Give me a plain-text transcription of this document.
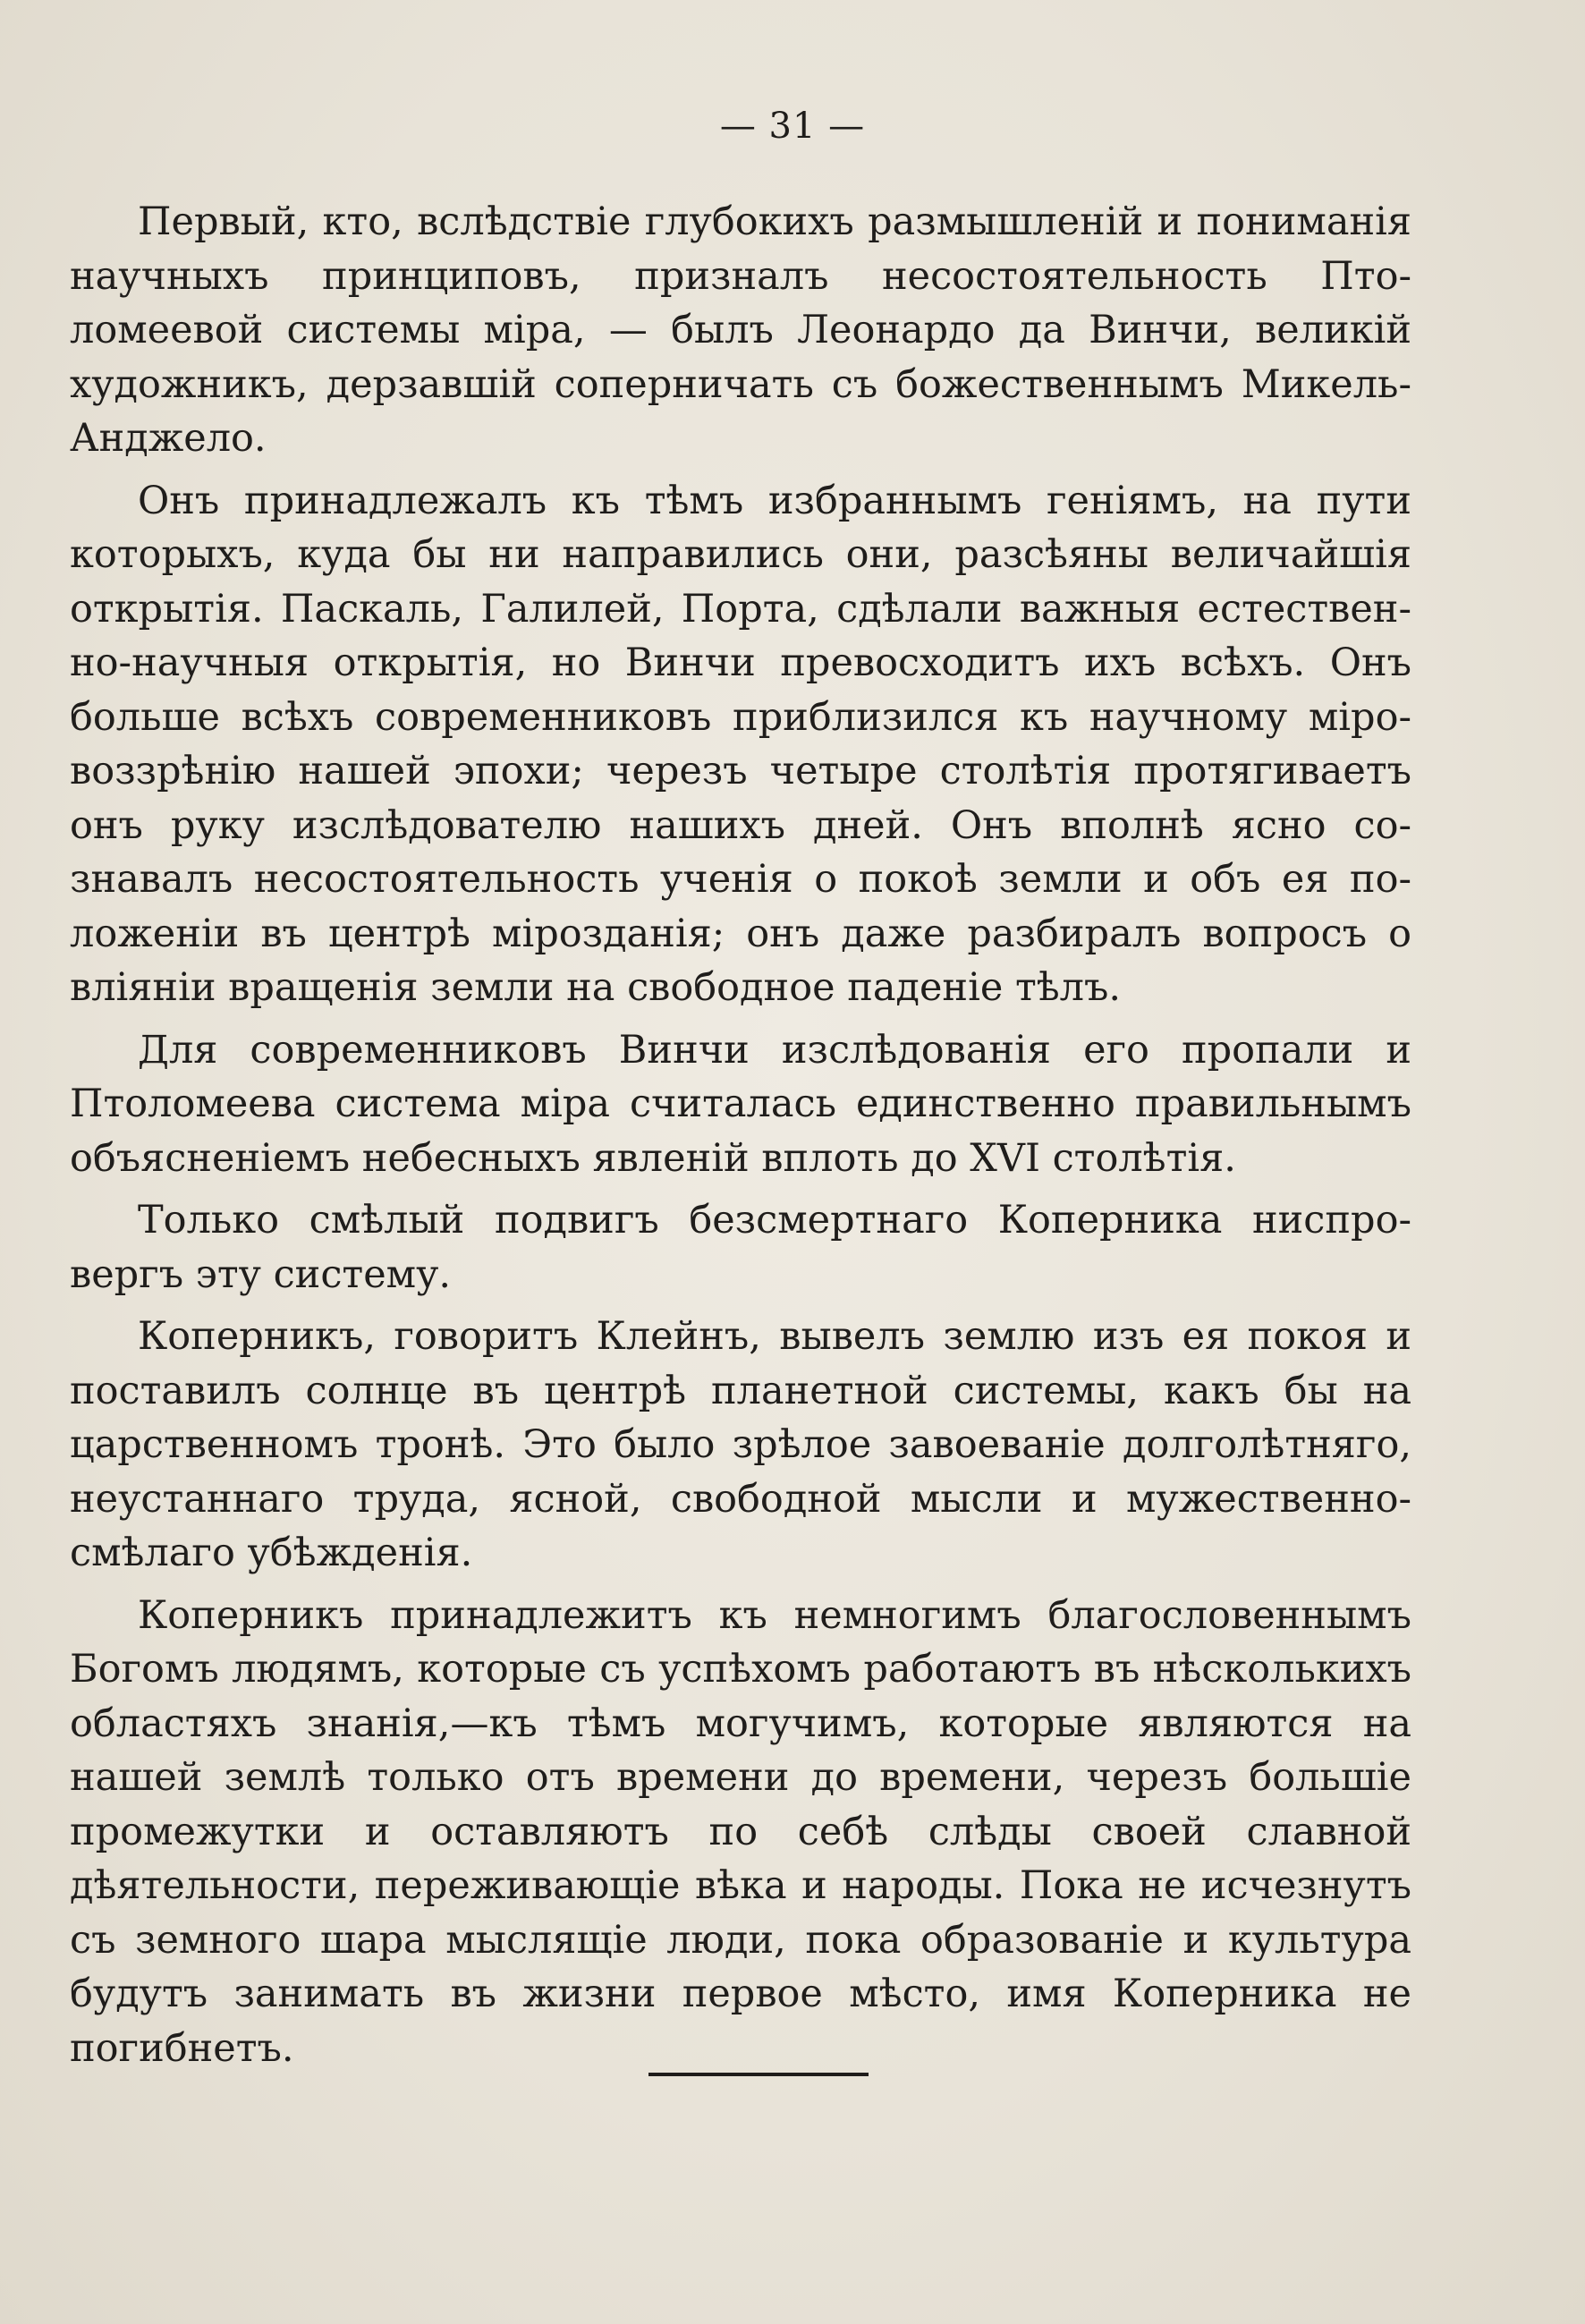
— 31 —

Первый, кто, вслѣдствіе глубокихъ размышленій и пониманія научныхъ принциповъ, призналъ несостоятельность Птоломеевой системы міра, — былъ Леонардо да Винчи, великій художникъ, дерзавшій соперничать съ божественнымъ МикельАнджело.

Онъ принадлежалъ къ тѣмъ избраннымъ геніямъ, на пути которыхъ, куда бы ни направились они, разсѣяны величайшія открытія. Паскаль, Галилей, Порта, сдѣлали важныя естественно-научныя открытія, но Винчи превосходитъ ихъ всѣхъ. Онъ больше всѣхъ современниковъ приблизился къ научному міровоззрѣнію нашей эпохи; черезъ четыре столѣтія протягиваетъ онъ руку изслѣдователю нашихъ дней. Онъ вполнѣ ясно сознавалъ несостоятельность ученія о покоѣ земли и объ ея положеніи въ центрѣ мірозданія; онъ даже разбиралъ вопросъ о вліяніи вращенія земли на свободное паденіе тѣлъ.

Для современниковъ Винчи изслѣдованія его пропали и Птоломеева система міра считалась единственно правильнымъ объясненіемъ небесныхъ явленій вплоть до XVI столѣтія.

Только смѣлый подвигъ безсмертнаго Коперника ниспровергъ эту систему.

Коперникъ, говоритъ Клейнъ, вывелъ землю изъ ея покоя и поставилъ солнце въ центрѣ планетной системы, какъ бы на царственномъ тронѣ. Это было зрѣлое завоеваніе долголѣтняго, неустаннаго труда, ясной, свободной мысли и мужественносмѣлаго убѣжденія.

Коперникъ принадлежитъ къ немногимъ благословеннымъ Богомъ людямъ, которые съ успѣхомъ работаютъ въ нѣсколькихъ областяхъ знанія,—къ тѣмъ могучимъ, которые являются на нашей землѣ только отъ времени до времени, черезъ большіе промежутки и оставляютъ по себѣ слѣды своей славной дѣятельности, переживающіе вѣка и народы. Пока не исчезнутъ съ земного шара мыслящіе люди, пока образованіе и культура будутъ занимать въ жизни первое мѣсто, имя Коперника не погибнетъ.
